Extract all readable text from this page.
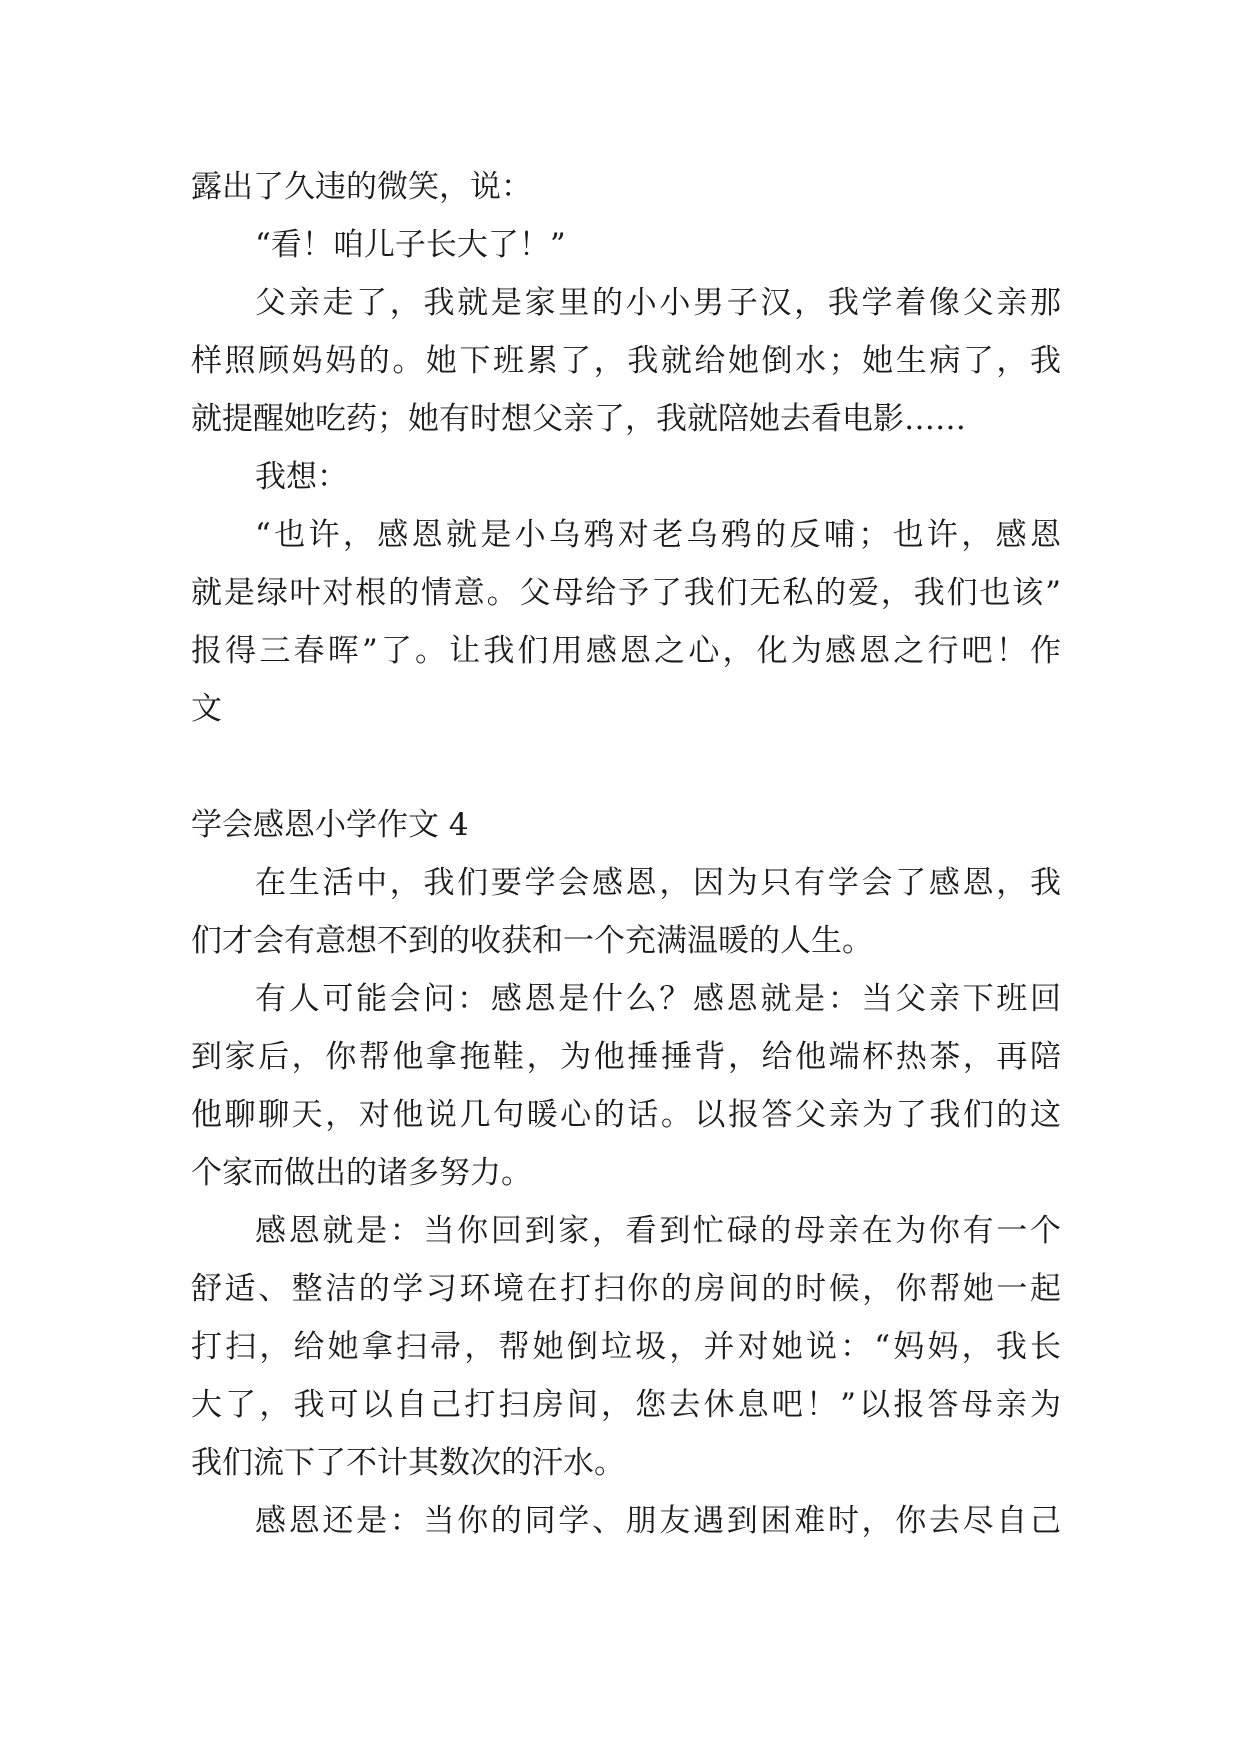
露出了久违的微笑，说：
“看！咱儿子长大了！”
父亲走了，我就是家里的小小男子汉，我学着像父亲那
样照顾妈妈的。她下班累了，我就给她倒水；她生病了，我
就提醒她吃药；她有时想父亲了，我就陪她去看电影……
我想：
“也许，感恩就是小乌鸦对老乌鸦的反哺；也许，感恩
就是绿叶对根的情意。父母给予了我们无私的爱，我们也该”
报得三春晖”了。让我们用感恩之心，化为感恩之行吧！作
文
学会感恩小学作文 4
在生活中，我们要学会感恩，因为只有学会了感恩，我
们才会有意想不到的收获和一个充满温暖的人生。
有人可能会问：感恩是什么？感恩就是：当父亲下班回
到家后，你帮他拿拖鞋，为他捶捶背，给他端杯热茶，再陪
他聊聊天，对他说几句暖心的话。以报答父亲为了我们的这
个家而做出的诸多努力。
感恩就是：当你回到家，看到忙碌的母亲在为你有一个
舒适、整洁的学习环境在打扫你的房间的时候，你帮她一起
打扫，给她拿扫帚，帮她倒垃圾，并对她说：“妈妈，我长
大了，我可以自己打扫房间，您去休息吧！”以报答母亲为
我们流下了不计其数次的汗水。
感恩还是：当你的同学、朋友遇到困难时，你去尽自己
